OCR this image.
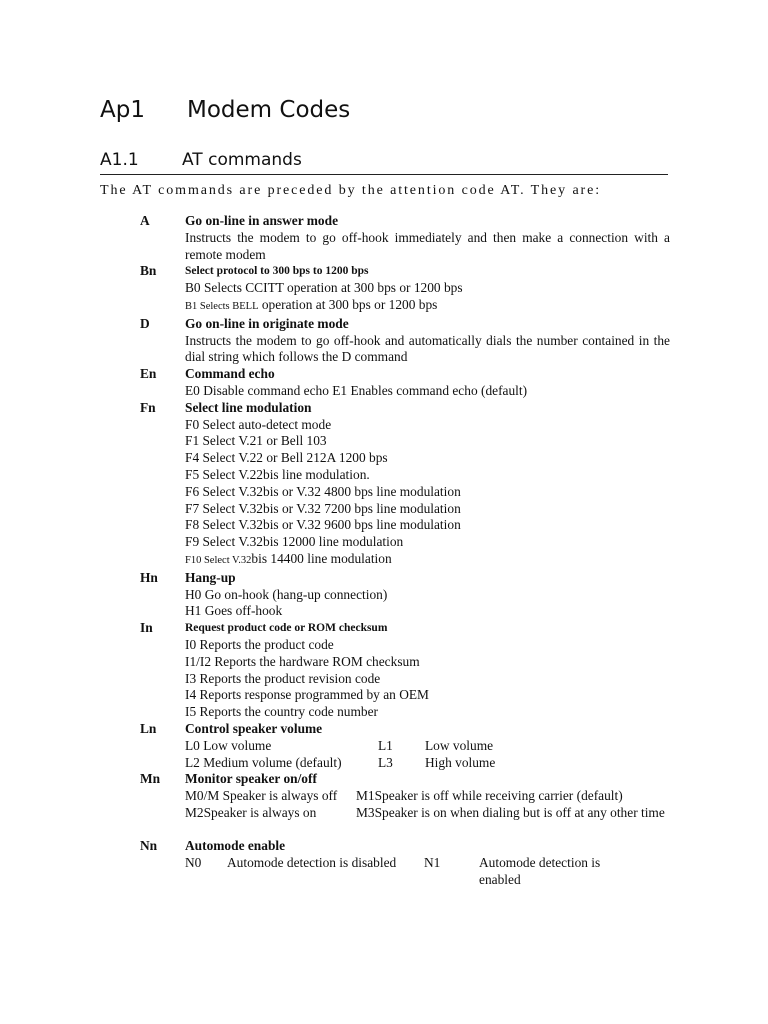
Ap1 Modem Codes
A1.1	AT commands

The AT commands are preceded by the attention code AT. They are:

A	Go on-line in answer mode
Instructs the modem to go off-hook immediately and then make a connection with a remote modem
Bn Select protocol to 300 bps to 1200 bps
B0 Selects CCITT operation at 300 bps or 1200 bps
B1 Selects BELL operation at 300 bps or 1200 bps
D	Go on-line in originate mode
Instructs the modem to go off-hook and automatically dials the number contained in the dial string which follows the D command
En Command echo
E0 Disable command echo E1 Enables command echo (default)
Fn Select line modulation
F0 Select auto-detect mode
F1 Select V.21 or Bell 103
F4 Select V.22 or Bell 212A 1200 bps
F5 Select V.22bis line modulation.
F6 Select V.32bis or V.32 4800 bps line modulation
F7 Select V.32bis or V.32 7200 bps line modulation
F8 Select V.32bis or V.32 9600 bps line modulation
F9 Select V.32bis 12000 line modulation
F10 Select V.32bis 14400 line modulation
Hn Hang-up
H0 Go on-hook (hang-up connection)
H1 Goes off-hook
In	Request product code or ROM checksum
I0 Reports the product code
I1/I2 Reports the hardware ROM checksum
I3 Reports the product revision code
I4 Reports response programmed by an OEM
I5 Reports the country code number
Ln Control speaker volume
L0 Low volume	L1 Low volume
L2 Medium volume (default)	L3 High volume
Mn Monitor speaker on/off
M0/M Speaker is always off M1Speaker is off while receiving carrier (default)
M2Speaker is always on	M3Speaker is on when dialing but is off at any other time
Nn Automode enable
N0 Automode detection is disabled N1	Automode detection is enabled
